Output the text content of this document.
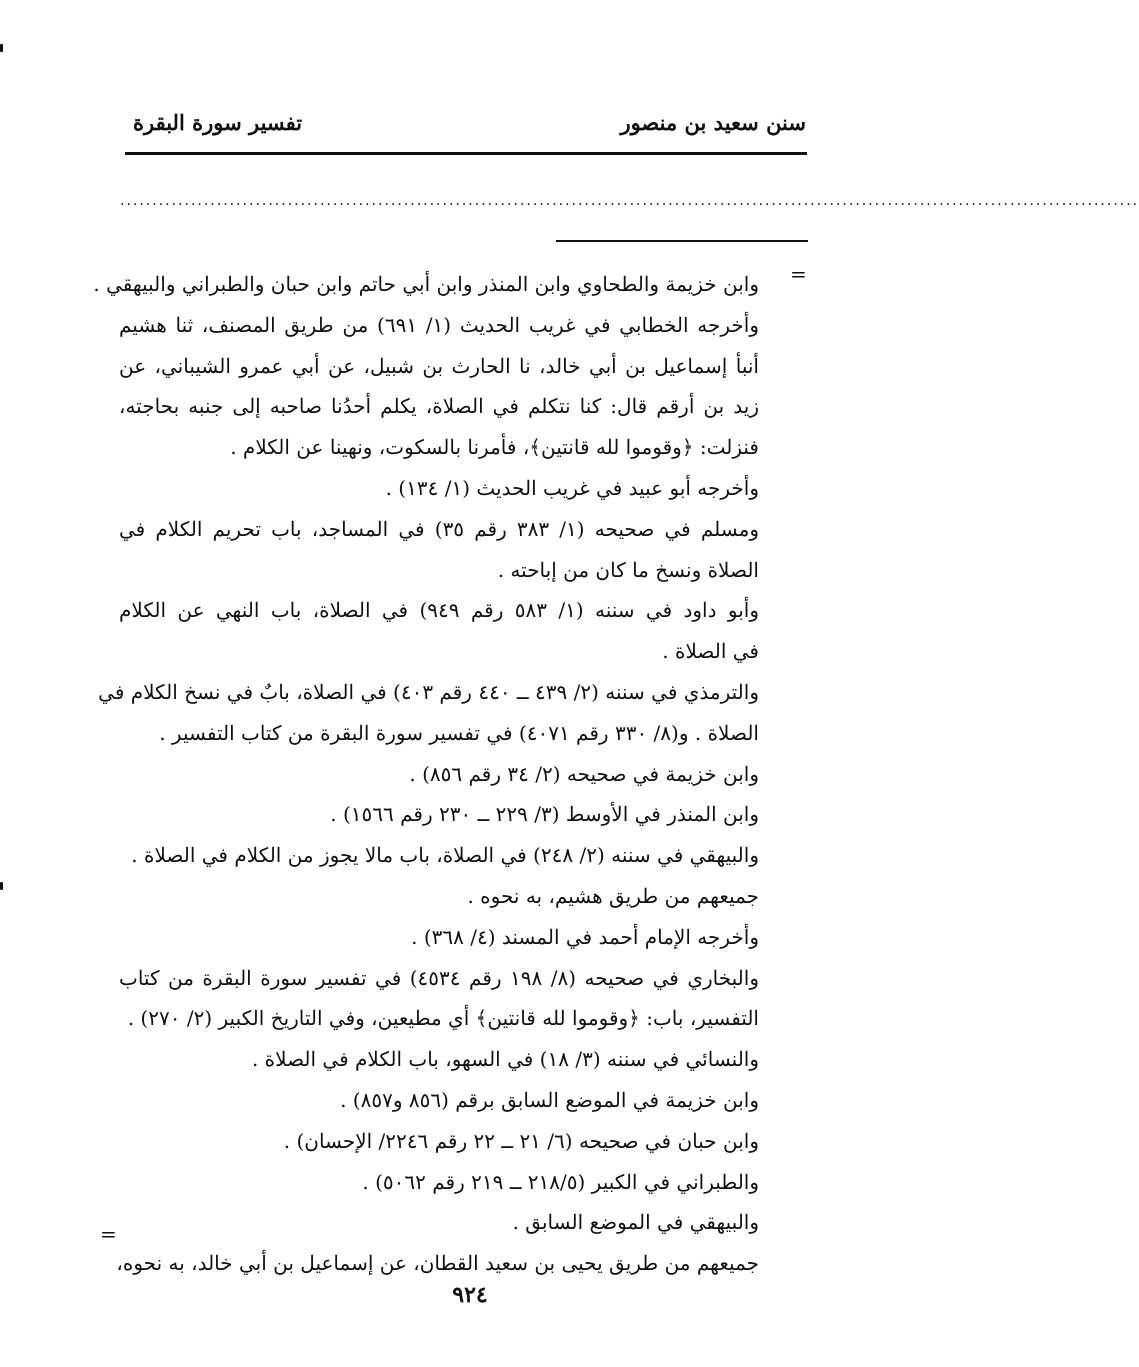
سنن سعيد بن منصور
تفسير سورة البقرة
..............................................................................................................................................................
=
وابن خزيمة والطحاوي وابن المنذر وابن أبي حاتم وابن حبان والطبراني والبيهقي .
وأخرجه الخطابي في غريب الحديث (١/ ٦٩١) من طريق المصنف، ثنا هشيم
أنبأ إسماعيل بن أبي خالد، نا الحارث بن شبيل، عن أبي عمرو الشيباني، عن
زيد بن أرقم قال: كنا نتكلم في الصلاة، يكلم أحدُنا صاحبه إلى جنبه بحاجته،
فنزلت: ﴿وقوموا لله قانتين﴾، فأمرنا بالسكوت، ونهينا عن الكلام .
وأخرجه أبو عبيد في غريب الحديث (١/ ١٣٤) .
ومسلم في صحيحه (١/ ٣٨٣ رقم ٣٥) في المساجد، باب تحريم الكلام في
الصلاة ونسخ ما كان من إباحته .
وأبو داود في سننه (١/ ٥٨٣ رقم ٩٤٩) في الصلاة، باب النهي عن الكلام
في الصلاة .
والترمذي في سننه (٢/ ٤٣٩ ــ ٤٤٠ رقم ٤٠٣) في الصلاة، بابٌ في نسخ الكلام في
الصلاة . و(٨/ ٣٣٠ رقم ٤٠٧١) في تفسير سورة البقرة من كتاب التفسير .
وابن خزيمة في صحيحه (٢/ ٣٤ رقم ٨٥٦) .
وابن المنذر في الأوسط (٣/ ٢٢٩ ــ ٢٣٠ رقم ١٥٦٦) .
والبيهقي في سننه (٢/ ٢٤٨) في الصلاة، باب مالا يجوز من الكلام في الصلاة .
جميعهم من طريق هشيم، به نحوه .
وأخرجه الإمام أحمد في المسند (٤/ ٣٦٨) .
والبخاري في صحيحه (٨/ ١٩٨ رقم ٤٥٣٤) في تفسير سورة البقرة من كتاب
التفسير، باب: ﴿وقوموا لله قانتين﴾ أي مطيعين، وفي التاريخ الكبير (٢/ ٢٧٠) .
والنسائي في سننه (٣/ ١٨) في السهو، باب الكلام في الصلاة .
وابن خزيمة في الموضع السابق برقم (٨٥٦ و٨٥٧) .
وابن حبان في صحيحه (٦/ ٢١ ــ ٢٢ رقم ٢٢٤٦/ الإحسان) .
والطبراني في الكبير (٢١٨/٥ ــ ٢١٩ رقم ٥٠٦٢) .
والبيهقي في الموضع السابق .
جميعهم من طريق يحيى بن سعيد القطان، عن إسماعيل بن أبي خالد، به نحوه،
=
٩٢٤
